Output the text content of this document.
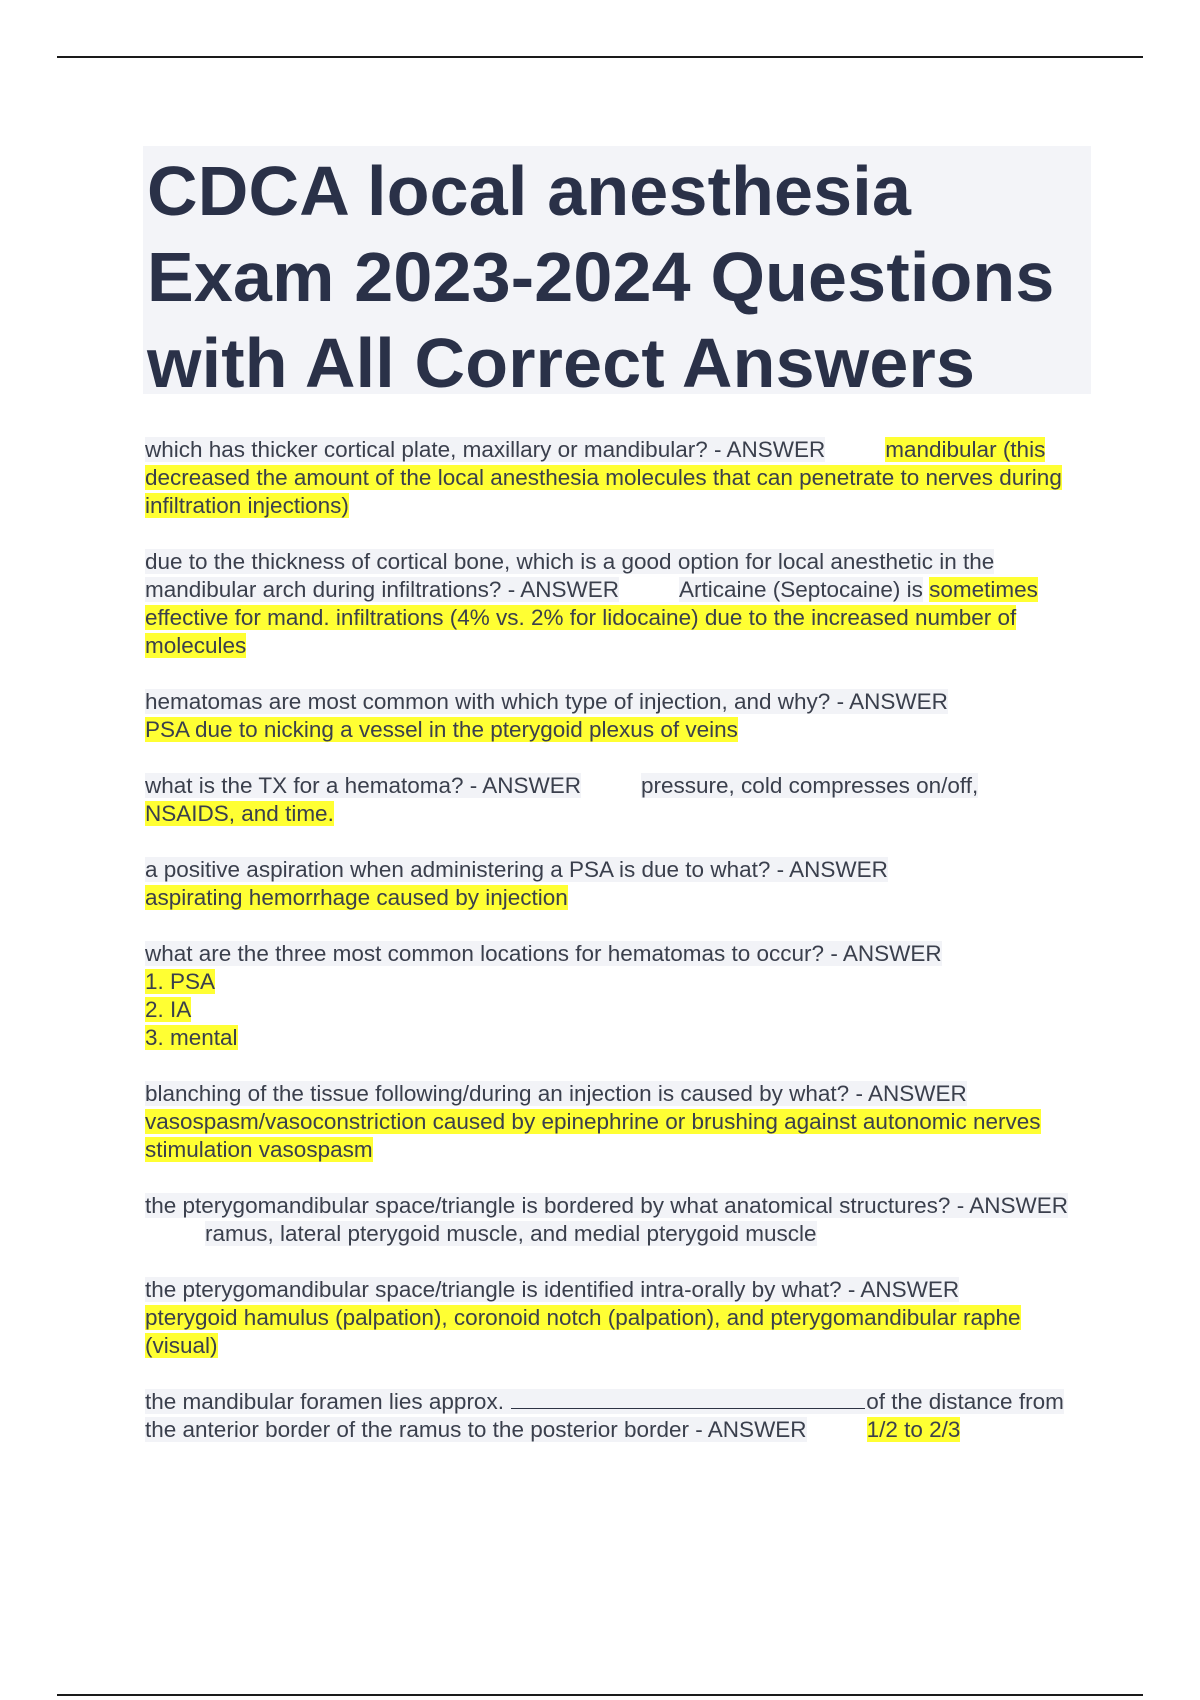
CDCA local anesthesia
Exam 2023-2024 Questions
with All Correct Answers

which has thicker cortical plate, maxillary or mandibular? - ANSWER	mandibular (this decreased the amount of the local anesthesia molecules that can penetrate to nerves during infiltration injections)

due to the thickness of cortical bone, which is a good option for local anesthetic in the mandibular arch during infiltrations? - ANSWER	Articaine (Septocaine) is sometimes effective for mand. infiltrations (4% vs. 2% for lidocaine) due to the increased number of molecules

hematomas are most common with which type of injection, and why? - ANSWER
PSA due to nicking a vessel in the pterygoid plexus of veins

what is the TX for a hematoma? - ANSWER	pressure, cold compresses on/off,
NSAIDS, and time.

a positive aspiration when administering a PSA is due to what? - ANSWER
aspirating hemorrhage caused by injection

what are the three most common locations for hematomas to occur? - ANSWER
1. PSA
2. IA
3. mental

blanching of the tissue following/during an injection is caused by what? - ANSWER
vasospasm/vasoconstriction caused by epinephrine or brushing against autonomic nerves stimulation vasospasm

the pterygomandibular space/triangle is bordered by what anatomical structures? - ANSWERramus, lateral pterygoid muscle, and medial pterygoid muscle

the pterygomandibular space/triangle is identified intra-orally by what? - ANSWER
pterygoid hamulus (palpation), coronoid notch (palpation), and pterygomandibular raphe (visual)

the mandibular foramen lies approx.	of the distance from the anterior border of the ramus to the posterior border - ANSWER	1/2 to 2/3
